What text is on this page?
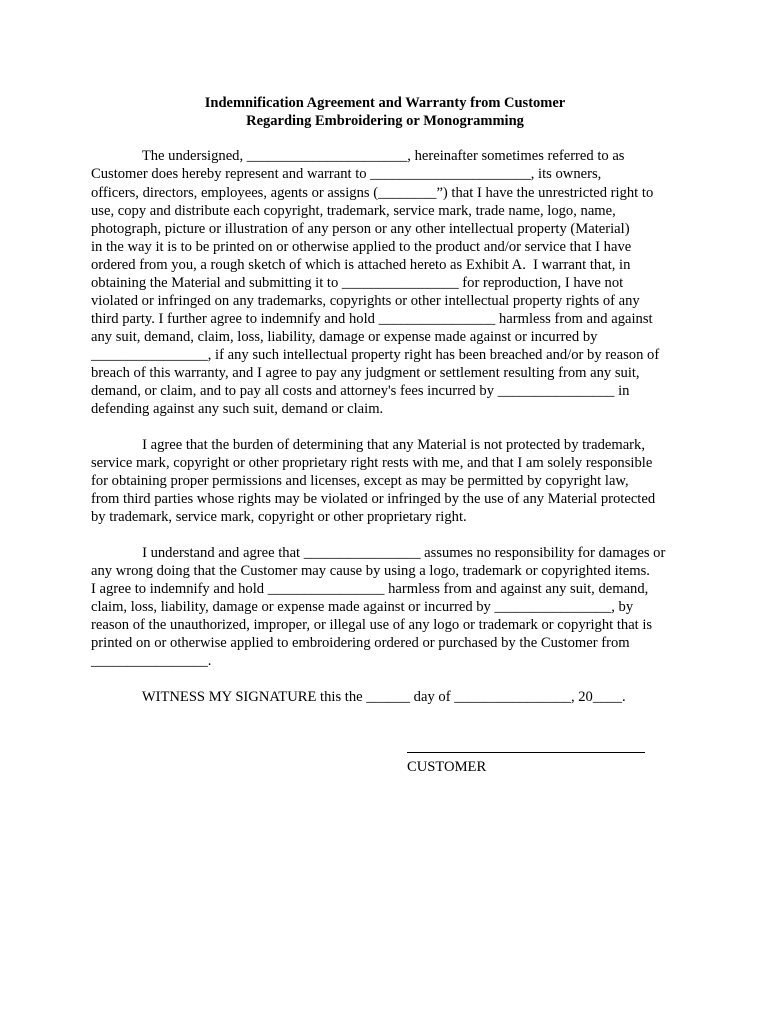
Indemnification Agreement and Warranty from Customer
Regarding Embroidering or Monogramming
The undersigned, ______________________, hereinafter sometimes referred to as
Customer does hereby represent and warrant to ______________________, its owners,
officers, directors, employees, agents or assigns (________”) that I have the unrestricted right to
use, copy and distribute each copyright, trademark, service mark, trade name, logo, name,
photograph, picture or illustration of any person or any other intellectual property (Material)
in the way it is to be printed on or otherwise applied to the product and/or service that I have
ordered from you, a rough sketch of which is attached hereto as Exhibit A.  I warrant that, in
obtaining the Material and submitting it to ________________ for reproduction, I have not
violated or infringed on any trademarks, copyrights or other intellectual property rights of any
third party. I further agree to indemnify and hold ________________ harmless from and against
any suit, demand, claim, loss, liability, damage or expense made against or incurred by
________________, if any such intellectual property right has been breached and/or by reason of
breach of this warranty, and I agree to pay any judgment or settlement resulting from any suit,
demand, or claim, and to pay all costs and attorney's fees incurred by ________________ in
defending against any such suit, demand or claim.
I agree that the burden of determining that any Material is not protected by trademark,
service mark, copyright or other proprietary right rests with me, and that I am solely responsible
for obtaining proper permissions and licenses, except as may be permitted by copyright law,
from third parties whose rights may be violated or infringed by the use of any Material protected
by trademark, service mark, copyright or other proprietary right.
I understand and agree that ________________ assumes no responsibility for damages or
any wrong doing that the Customer may cause by using a logo, trademark or copyrighted items.
I agree to indemnify and hold ________________ harmless from and against any suit, demand,
claim, loss, liability, damage or expense made against or incurred by ________________, by
reason of the unauthorized, improper, or illegal use of any logo or trademark or copyright that is
printed on or otherwise applied to embroidering ordered or purchased by the Customer from
________________.
WITNESS MY SIGNATURE this the ______ day of ________________, 20____.
CUSTOMER
